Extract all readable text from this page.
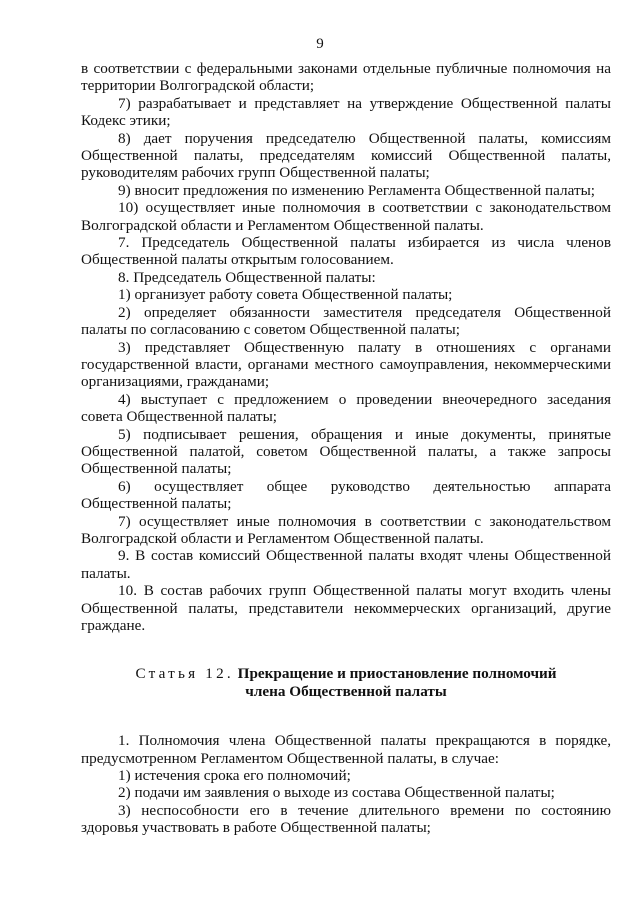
9

в соответствии с федеральными законами отдельные публичные полномочия на территории Волгоградской области;

7) разрабатывает и представляет на утверждение Общественной палаты Кодекс этики;

8) дает поручения председателю Общественной палаты, комиссиям Общественной палаты, председателям комиссий Общественной палаты, руководителям рабочих групп Общественной палаты;

9) вносит предложения по изменению Регламента Общественной палаты;

10) осуществляет иные полномочия в соответствии с законодательством Волгоградской области и Регламентом Общественной палаты.

7. Председатель Общественной палаты избирается из числа членов Общественной палаты открытым голосованием.

8. Председатель Общественной палаты:

1) организует работу совета Общественной палаты;

2) определяет обязанности заместителя председателя Общественной палаты по согласованию с советом Общественной палаты;

3) представляет Общественную палату в отношениях с органами государственной власти, органами местного самоуправления, некоммерческими организациями, гражданами;

4) выступает с предложением о проведении внеочередного заседания совета Общественной палаты;

5) подписывает решения, обращения и иные документы, принятые Общественной палатой, советом Общественной палаты, а также запросы Общественной палаты;

6) осуществляет общее руководство деятельностью аппарата Общественной палаты;

7) осуществляет иные полномочия в соответствии с законодательством Волгоградской области и Регламентом Общественной палаты.

9. В состав комиссий Общественной палаты входят члены Общественной палаты.

10. В состав рабочих групп Общественной палаты могут входить члены Общественной палаты, представители некоммерческих организаций, другие граждане.

Статья 12. Прекращение и приостановление полномочий
члена Общественной палаты

1. Полномочия члена Общественной палаты прекращаются в порядке, предусмотренном Регламентом Общественной палаты, в случае:

1) истечения срока его полномочий;

2) подачи им заявления о выходе из состава Общественной палаты;

3) неспособности его в течение длительного времени по состоянию здоровья участвовать в работе Общественной палаты;
